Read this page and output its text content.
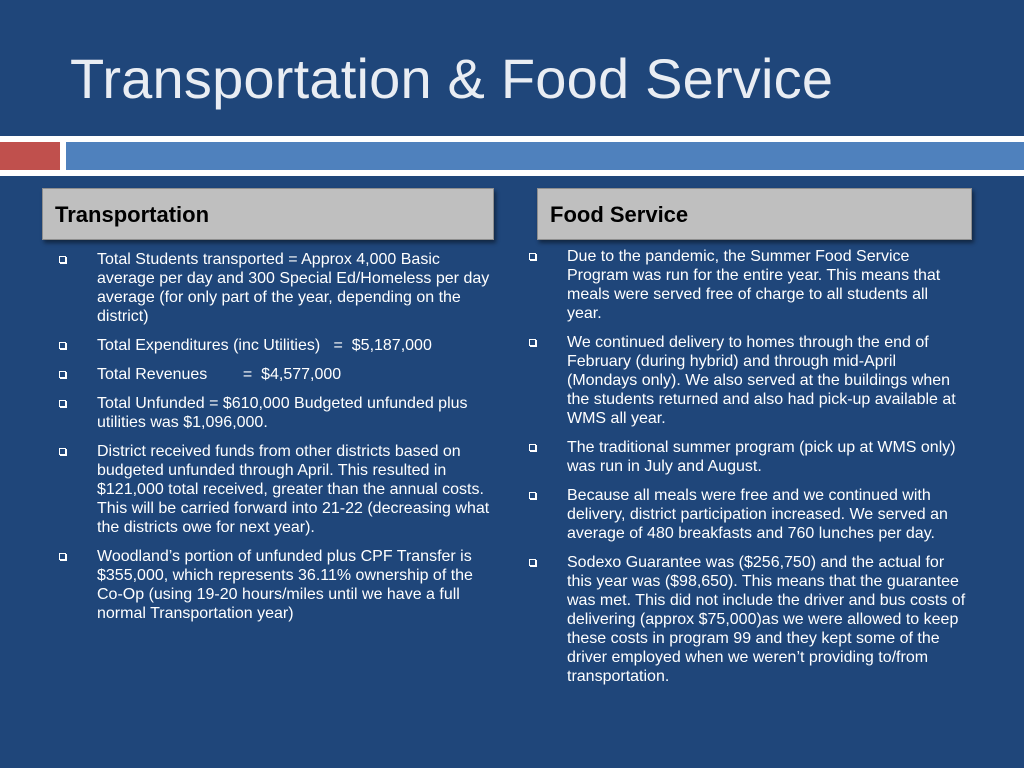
Transportation & Food Service
Transportation	Food Service
Total Students transported = Approx 4,000 Basic average per day and 300 Special Ed/Homeless per day average (for only part of the year, depending on the district)
Total Expenditures (inc Utilities)   =  $5,187,000
Total Revenues        =  $4,577,000
Total Unfunded = $610,000 Budgeted unfunded plus utilities was $1,096,000.
District received funds from other districts based on budgeted unfunded through April. This resulted in $121,000 total received, greater than the annual costs. This will be carried forward into 21-22 (decreasing what the districts owe for next year).
Woodland’s portion of unfunded plus CPF Transfer is $355,000, which represents 36.11% ownership of the Co-Op (using 19-20 hours/miles until we have a full normal Transportation year)
Due to the pandemic, the Summer Food Service Program was run for the entire year. This means that meals were served free of charge to all students all year.
We continued delivery to homes through the end of February (during hybrid) and through mid-April (Mondays only). We also served at the buildings when the students returned and also had pick-up available at WMS all year.
The traditional summer program (pick up at WMS only) was run in July and August.
Because all meals were free and we continued with delivery, district participation increased. We served an average of 480 breakfasts and 760 lunches per day.
Sodexo Guarantee was ($256,750) and the actual for this year was ($98,650). This means that the guarantee was met. This did not include the driver and bus costs of delivering (approx $75,000)as we were allowed to keep these costs in program 99 and they kept some of the driver employed when we weren’t providing to/from transportation.
